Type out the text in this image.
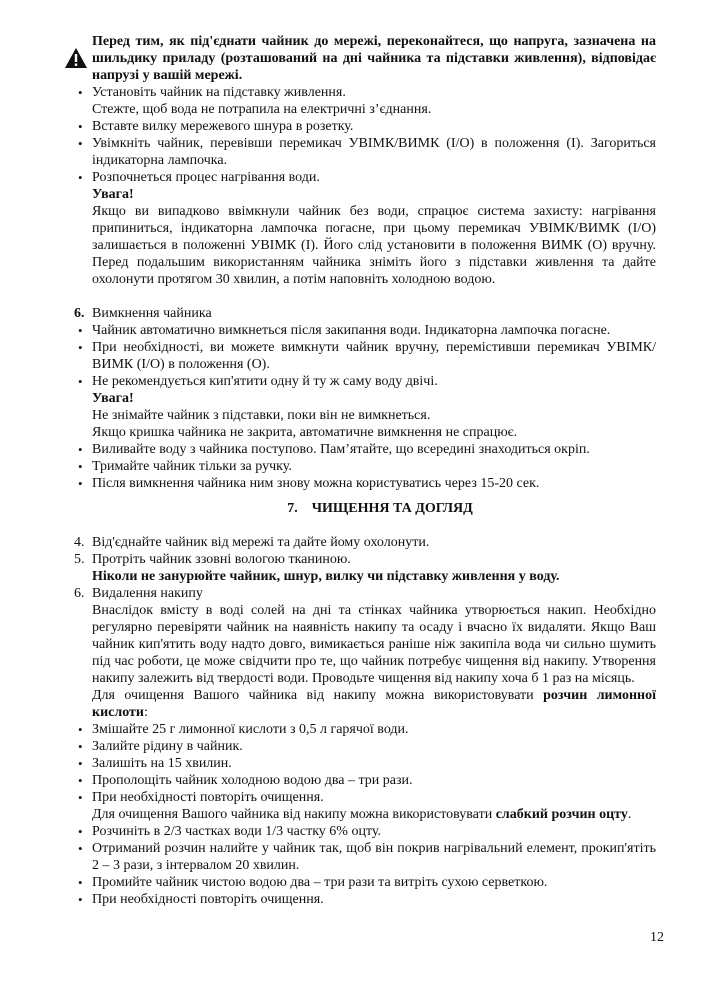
Перед тим, як під'єднати чайник до мережі, переконайтеся, що напруга, зазначена на шильдику приладу (розташований на дні чайника та підставки живлення), відповідає напрузі у вашій мережі.
• Установіть чайник на підставку живлення.
Стежте, щоб вода не потрапила на електричні з’єднання.
• Вставте вилку мережевого шнура в розетку.
• Увімкніть чайник, перевівши перемикач УВІМК/ВИМК (I/O) в положення (I). Загориться індикаторна лампочка.
• Розпочнеться процес нагрівання води.
Увага!
Якщо ви випадково ввімкнули чайник без води, спрацює система захисту: нагрівання припиниться, індикаторна лампочка погасне, при цьому перемикач УВІМК/ВИМК (I/O) залишається в положенні УВІМК (I). Його слід установити в положення ВИМК (O) вручну. Перед подальшим використанням чайника зніміть його з підставки живлення та дайте охолонути протягом 30 хвилин, а потім наповніть холодною водою.
6. Вимкнення чайника
• Чайник автоматично вимкнеться після закипання води. Індикаторна лампочка погасне.
• При необхідності, ви можете вимкнути чайник вручну, перемістивши перемикач УВІМК/ВИМК (I/O) в положення (O).
• Не рекомендується кип'ятити одну й ту ж саму воду двічі.
Увага!
Не знімайте чайник з підставки, поки він не вимкнеться.
Якщо кришка чайника не закрита, автоматичне вимкнення не спрацює.
• Виливайте воду з чайника поступово. Пам’ятайте, що всередині знаходиться окріп.
• Тримайте чайник тільки за ручку.
• Після вимкнення чайника ним знову можна користуватись через 15-20 сек.
7. ЧИЩЕННЯ ТА ДОГЛЯД
4. Від'єднайте чайник від мережі та дайте йому охолонути.
5. Протріть чайник ззовні вологою тканиною.
Ніколи не занурюйте чайник, шнур, вилку чи підставку живлення у воду.
6. Видалення накипу
Внаслідок вмісту в воді солей на дні та стінках чайника утворюється накип. Необхідно регулярно перевіряти чайник на наявність накипу та осаду і вчасно їх видаляти. Якщо Ваш чайник кип'ятить воду надто довго, вимикається раніше ніж закипіла вода чи сильно шумить під час роботи, це може свідчити про те, що чайник потребує чищення від накипу. Утворення накипу залежить від твердості води. Проводьте чищення від накипу хоча б 1 раз на місяць.
Для очищення Вашого чайника від накипу можна використовувати розчин лимонної кислоти:
• Змішайте 25 г лимонної кислоти з 0,5 л гарячої води.
• Залийте рідину в чайник.
• Залишіть на 15 хвилин.
• Прополощіть чайник холодною водою два – три рази.
• При необхідності повторіть очищення.
Для очищення Вашого чайника від накипу можна використовувати слабкий розчин оцту.
• Розчиніть в 2/3 частках води 1/3 частку 6% оцту.
• Отриманий розчин налийте у чайник так, щоб він покрив нагрівальний елемент, прокип'ятіть 2 – 3 рази, з інтервалом 20 хвилин.
• Промийте чайник чистою водою два – три рази та витріть сухою серветкою.
• При необхідності повторіть очищення.
12
